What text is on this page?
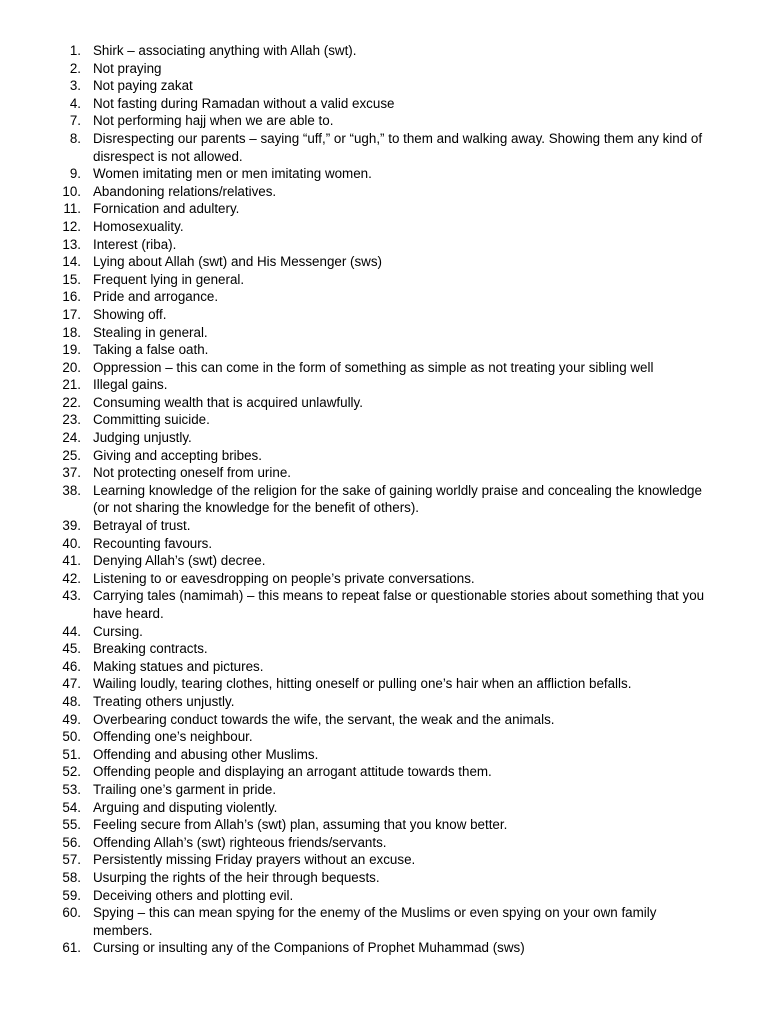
1. Shirk – associating anything with Allah (swt).
2. Not praying
3. Not paying zakat
4. Not fasting during Ramadan without a valid excuse
7. Not performing hajj when we are able to.
8. Disrespecting our parents – saying “uff,” or “ugh,” to them and walking away. Showing them any kind of disrespect is not allowed.
9. Women imitating men or men imitating women.
10. Abandoning relations/relatives.
11. Fornication and adultery.
12. Homosexuality.
13. Interest (riba).
14. Lying about Allah (swt) and His Messenger (sws)
15. Frequent lying in general.
16. Pride and arrogance.
17. Showing off.
18. Stealing in general.
19. Taking a false oath.
20. Oppression – this can come in the form of something as simple as not treating your sibling well
21. Illegal gains.
22. Consuming wealth that is acquired unlawfully.
23. Committing suicide.
24. Judging unjustly.
25. Giving and accepting bribes.
37. Not protecting oneself from urine.
38. Learning knowledge of the religion for the sake of gaining worldly praise and concealing the knowledge (or not sharing the knowledge for the benefit of others).
39. Betrayal of trust.
40. Recounting favours.
41. Denying Allah’s (swt) decree.
42. Listening to or eavesdropping on people’s private conversations.
43. Carrying tales (namimah) – this means to repeat false or questionable stories about something that you have heard.
44. Cursing.
45. Breaking contracts.
46. Making statues and pictures.
47. Wailing loudly, tearing clothes, hitting oneself or pulling one’s hair when an affliction befalls.
48. Treating others unjustly.
49. Overbearing conduct towards the wife, the servant, the weak and the animals.
50. Offending one’s neighbour.
51. Offending and abusing other Muslims.
52. Offending people and displaying an arrogant attitude towards them.
53. Trailing one’s garment in pride.
54. Arguing and disputing violently.
55. Feeling secure from Allah’s (swt) plan, assuming that you know better.
56. Offending Allah’s (swt) righteous friends/servants.
57. Persistently missing Friday prayers without an excuse.
58. Usurping the rights of the heir through bequests.
59. Deceiving others and plotting evil.
60. Spying – this can mean spying for the enemy of the Muslims or even spying on your own family members.
61. Cursing or insulting any of the Companions of Prophet Muhammad (sws)
